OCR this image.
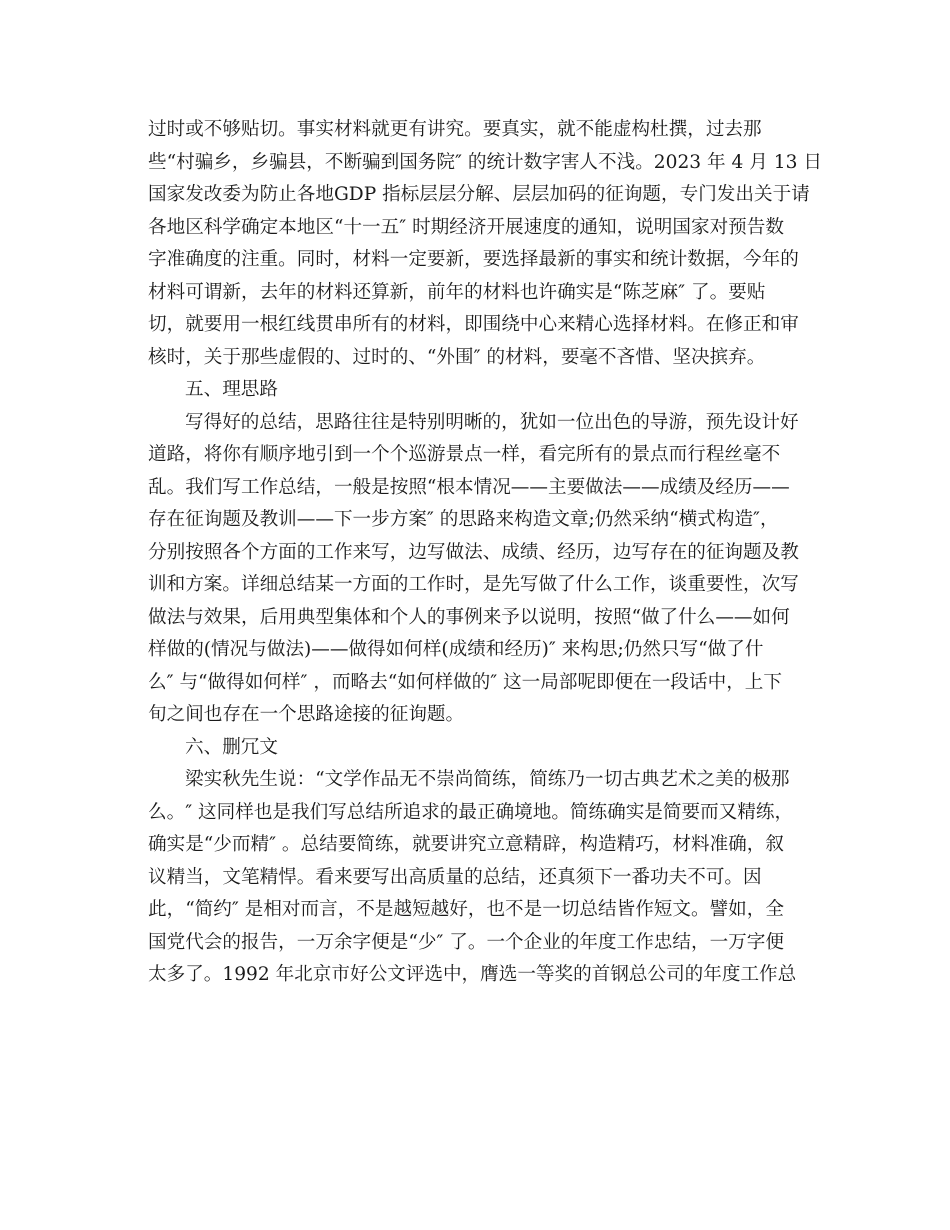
过时或不够贴切。事实材料就更有讲究。要真实，就不能虚构杜撰，过去那
些“村骗乡，乡骗县，不断骗到国务院″ 的统计数字害人不浅。2023 年 4 月 13 日
国家发改委为防止各地GDP 指标层层分解、层层加码的征询题，专门发出关于请
各地区科学确定本地区“十一五″ 时期经济开展速度的通知，说明国家对预告数
字准确度的注重。同时，材料一定要新，要选择最新的事实和统计数据，今年的
材料可谓新，去年的材料还算新，前年的材料也许确实是“陈芝麻″ 了。要贴
切，就要用一根红线贯串所有的材料，即围绕中心来精心选择材料。在修正和审
核时，关于那些虚假的、过时的、“外围″ 的材料，要毫不吝惜、坚决摈弃。
五、理思路
写得好的总结，思路往往是特别明晰的，犹如一位出色的导游，预先设计好
道路，将你有顺序地引到一个个巡游景点一样，看完所有的景点而行程丝毫不
乱。我们写工作总结，一般是按照“根本情况——主要做法——成绩及经历——
存在征询题及教训——下一步方案″ 的思路来构造文章;仍然采纳“横式构造″，
分别按照各个方面的工作来写，边写做法、成绩、经历，边写存在的征询题及教
训和方案。详细总结某一方面的工作时，是先写做了什么工作，谈重要性，次写
做法与效果，后用典型集体和个人的事例来予以说明，按照“做了什么——如何
样做的(情况与做法)——做得如何样(成绩和经历)″ 来构思;仍然只写“做了什
么″ 与“做得如何样″ ，而略去“如何样做的″ 这一局部呢即便在一段话中，上下
旬之间也存在一个思路途接的征询题。
六、删冗文
梁实秋先生说：“文学作品无不崇尚简练，简练乃一切古典艺术之美的极那
么。″ 这同样也是我们写总结所追求的最正确境地。简练确实是简要而又精练，
确实是“少而精″ 。总结要简练，就要讲究立意精辟，构造精巧，材料准确，叙
议精当，文笔精悍。看来要写出高质量的总结，还真须下一番功夫不可。因
此，“简约″ 是相对而言，不是越短越好，也不是一切总结皆作短文。譬如，全
国党代会的报告，一万余字便是“少″ 了。一个企业的年度工作忠结，一万字便
太多了。1992 年北京市好公文评选中，膺选一等奖的首钢总公司的年度工作总
